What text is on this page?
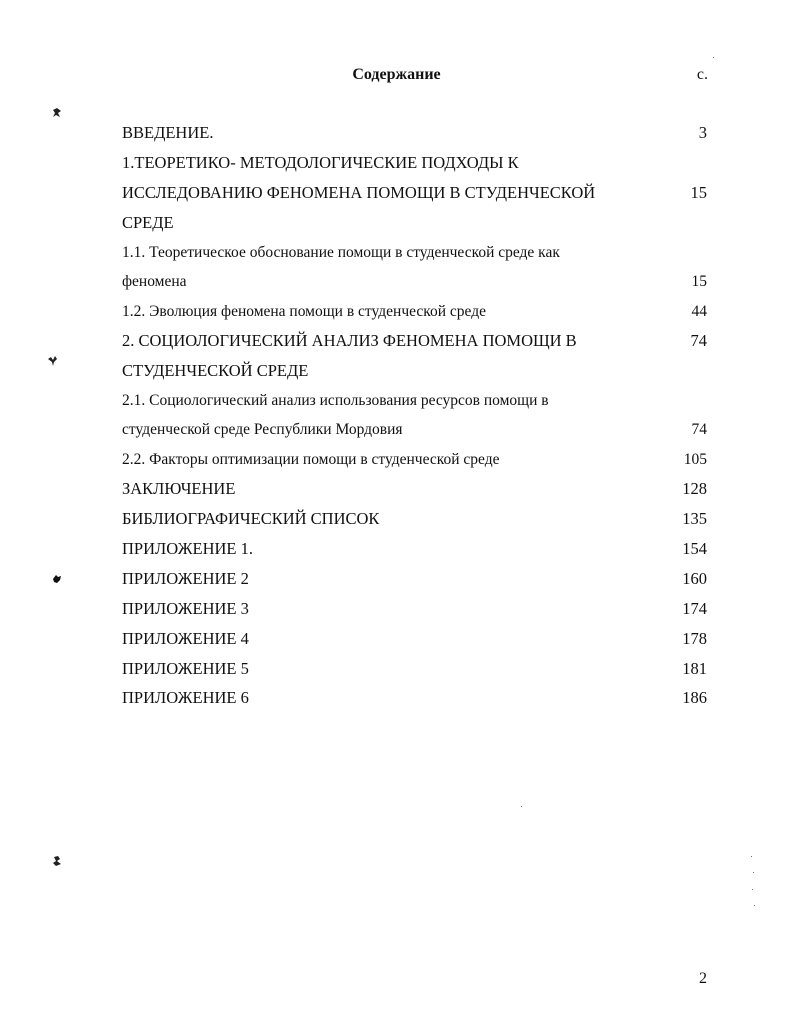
Содержание	с.
ВВЕДЕНИЕ.	3
1.ТЕОРЕТИКО- МЕТОДОЛОГИЧЕСКИЕ ПОДХОДЫ К
ИССЛЕДОВАНИЮ ФЕНОМЕНА ПОМОЩИ В СТУДЕНЧЕСКОЙ	15
СРЕДЕ
1.1. Теоретическое обоснование помощи в студенческой среде как
феномена	15
1.2. Эволюция феномена помощи в студенческой среде	44
2. СОЦИОЛОГИЧЕСКИЙ АНАЛИЗ ФЕНОМЕНА ПОМОЩИ В	74
СТУДЕНЧЕСКОЙ СРЕДЕ
2.1. Социологический анализ использования ресурсов помощи в
студенческой среде Республики Мордовия	74
2.2. Факторы оптимизации помощи в студенческой среде	105
ЗАКЛЮЧЕНИЕ	128
БИБЛИОГРАФИЧЕСКИЙ СПИСОК	135
ПРИЛОЖЕНИЕ 1.	154
ПРИЛОЖЕНИЕ 2	160
ПРИЛОЖЕНИЕ 3	174
ПРИЛОЖЕНИЕ 4	178
ПРИЛОЖЕНИЕ 5	181
ПРИЛОЖЕНИЕ 6	186
2
